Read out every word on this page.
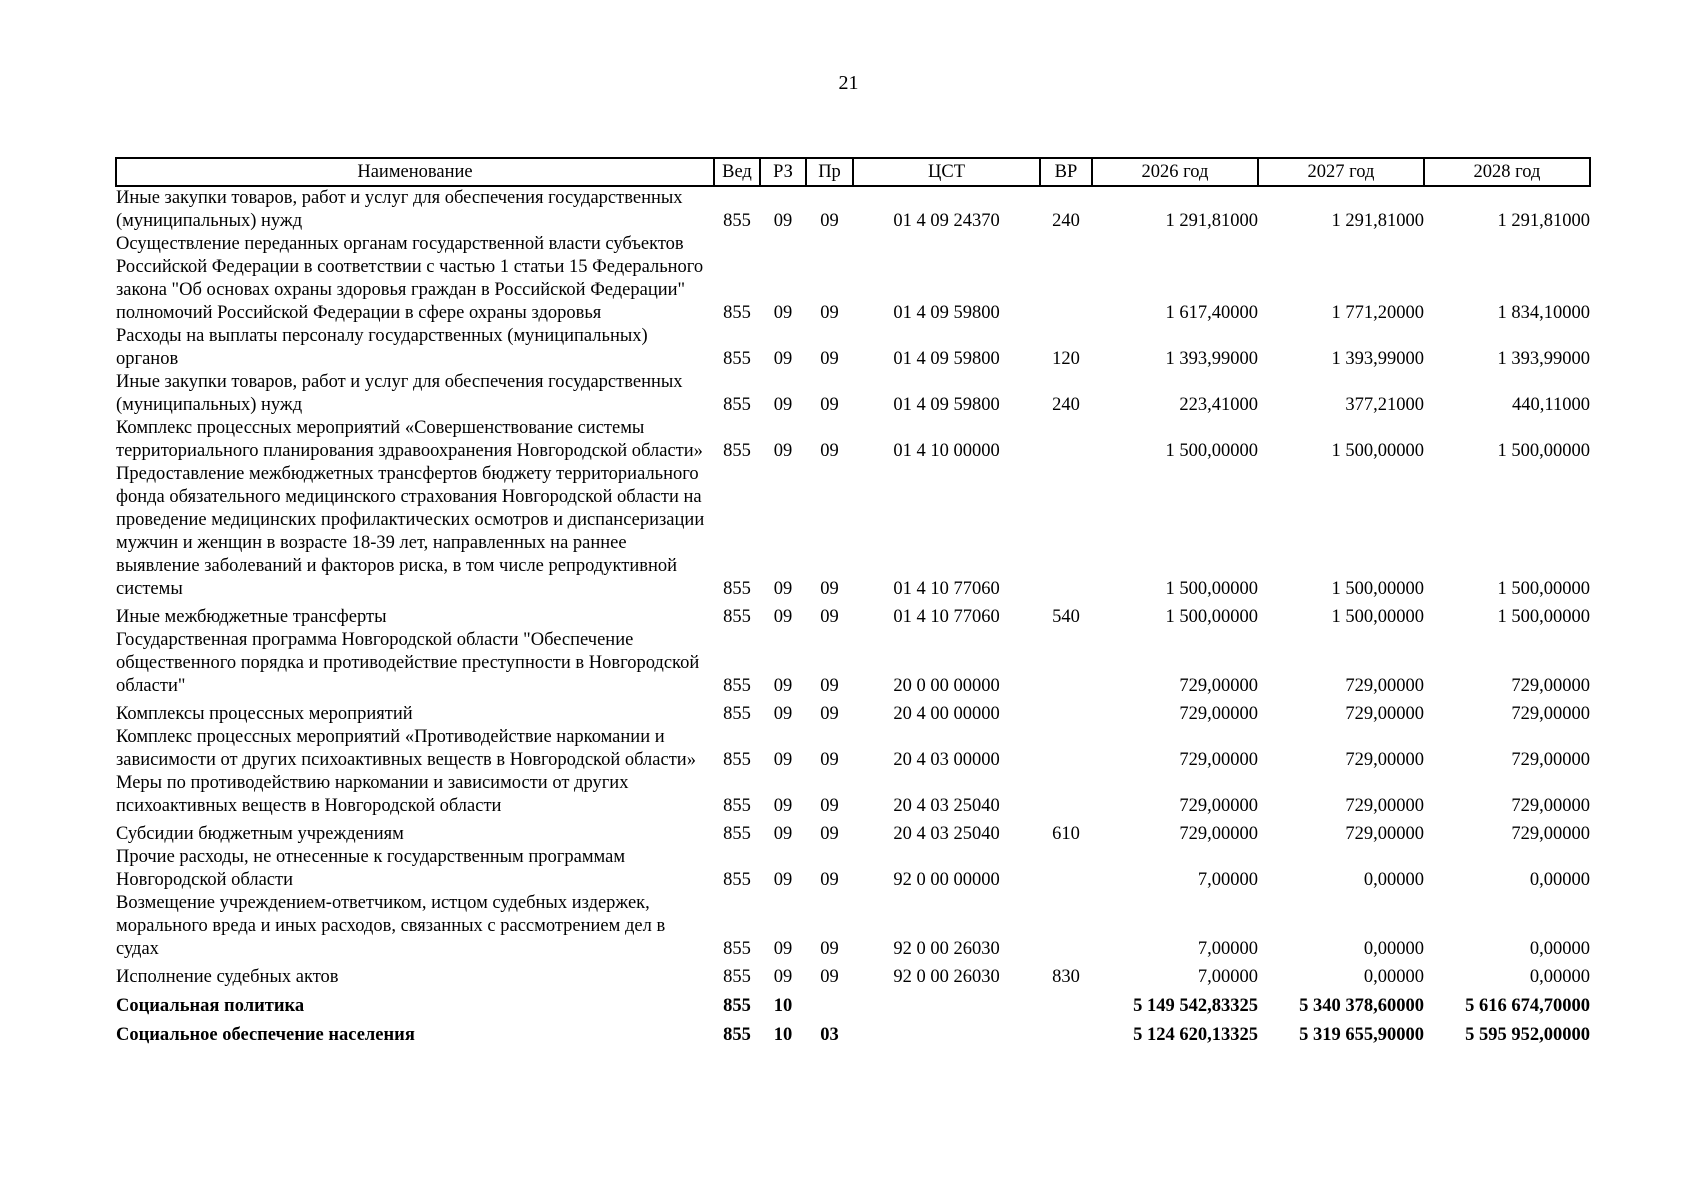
21
Наименование	Вед	РЗ	Пр	ЦСТ	ВР	2026 год	2027 год	2028 год
Иные закупки товаров, работ и услуг для обеспечения государственных (муниципальных) нужд	855	09	09	01 4 09 24370	240	1 291,81000	1 291,81000	1 291,81000
Осуществление переданных органам государственной власти субъектов Российской Федерации в соответствии с частью 1 статьи 15 Федерального закона "Об основах охраны здоровья граждан в Российской Федерации" полномочий Российской Федерации в сфере охраны здоровья	855	09	09	01 4 09 59800		1 617,40000	1 771,20000	1 834,10000
Расходы на выплаты персоналу государственных (муниципальных) органов	855	09	09	01 4 09 59800	120	1 393,99000	1 393,99000	1 393,99000
Иные закупки товаров, работ и услуг для обеспечения государственных (муниципальных) нужд	855	09	09	01 4 09 59800	240	223,41000	377,21000	440,11000
Комплекс процессных мероприятий «Совершенствование системы территориального планирования здравоохранения Новгородской области»	855	09	09	01 4 10 00000		1 500,00000	1 500,00000	1 500,00000
Предоставление межбюджетных трансфертов бюджету территориального фонда обязательного медицинского страхования Новгородской области на проведение медицинских профилактических осмотров и диспансеризации мужчин и женщин в возрасте 18-39 лет, направленных на раннее выявление заболеваний и факторов риска, в том числе репродуктивной системы	855	09	09	01 4 10 77060		1 500,00000	1 500,00000	1 500,00000
Иные межбюджетные трансферты	855	09	09	01 4 10 77060	540	1 500,00000	1 500,00000	1 500,00000
Государственная программа Новгородской области "Обеспечение общественного порядка и противодействие преступности в Новгородской области"	855	09	09	20 0 00 00000		729,00000	729,00000	729,00000
Комплексы процессных мероприятий	855	09	09	20 4 00 00000		729,00000	729,00000	729,00000
Комплекс процессных мероприятий «Противодействие наркомании и зависимости от других психоактивных веществ в Новгородской области»	855	09	09	20 4 03 00000		729,00000	729,00000	729,00000
Меры по противодействию наркомании и зависимости от других психоактивных веществ в Новгородской области	855	09	09	20 4 03 25040		729,00000	729,00000	729,00000
Субсидии бюджетным учреждениям	855	09	09	20 4 03 25040	610	729,00000	729,00000	729,00000
Прочие расходы, не отнесенные к государственным программам Новгородской области	855	09	09	92 0 00 00000		7,00000	0,00000	0,00000
Возмещение учреждением-ответчиком, истцом судебных издержек, морального вреда и иных расходов, связанных с рассмотрением дел в судах	855	09	09	92 0 00 26030		7,00000	0,00000	0,00000
Исполнение судебных актов	855	09	09	92 0 00 26030	830	7,00000	0,00000	0,00000
Социальная политика	855	10				5 149 542,83325	5 340 378,60000	5 616 674,70000
Социальное обеспечение населения	855	10	03			5 124 620,13325	5 319 655,90000	5 595 952,00000
